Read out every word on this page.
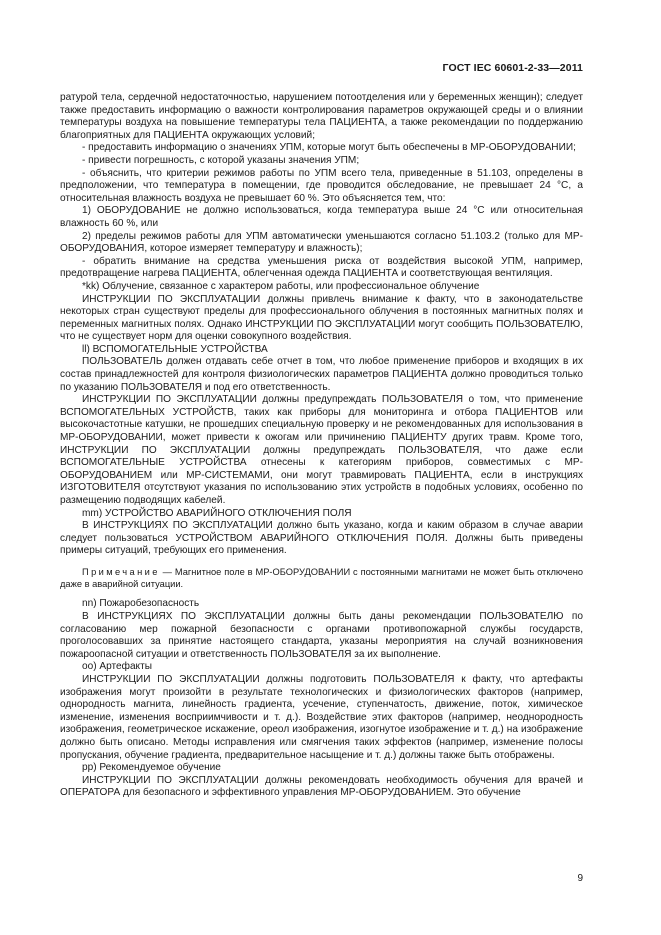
ГОСТ IEC 60601-2-33—2011

ратурой тела, сердечной недостаточностью, нарушением потоотделения или у беременных женщин); следует также предоставить информацию о важности контролирования параметров окружающей среды и о влиянии температуры воздуха на повышение температуры тела ПАЦИЕНТА, а также рекомендации по поддержанию благоприятных для ПАЦИЕНТА окружающих условий;

- предоставить информацию о значениях УПМ, которые могут быть обеспечены в МР-ОБОРУДОВАНИИ;

- привести погрешность, с которой указаны значения УПМ;

- объяснить, что критерии режимов работы по УПМ всего тела, приведенные в 51.103, определены в предположении, что температура в помещении, где проводится обследование, не превышает 24 °С, а относительная влажность воздуха не превышает 60 %. Это объясняется тем, что:

1) ОБОРУДОВАНИЕ не должно использоваться, когда температура выше 24 °С или относительная влажность 60 %, или

2) пределы режимов работы для УПМ автоматически уменьшаются согласно 51.103.2 (только для МР-ОБОРУДОВАНИЯ, которое измеряет температуру и влажность);

- обратить внимание на средства уменьшения риска от воздействия высокой УПМ, например, предотвращение нагрева ПАЦИЕНТА, облегченная одежда ПАЦИЕНТА и соответствующая вентиляция.

*kk) Облучение, связанное с характером работы, или профессиональное облучение

ИНСТРУКЦИИ ПО ЭКСПЛУАТАЦИИ должны привлечь внимание к факту, что в законодательстве некоторых стран существуют пределы для профессионального облучения в постоянных магнитных полях и переменных магнитных полях. Однако ИНСТРУКЦИИ ПО ЭКСПЛУАТАЦИИ могут сообщить ПОЛЬЗОВАТЕЛЮ, что не существует норм для оценки совокупного воздействия.

ll) ВСПОМОГАТЕЛЬНЫЕ УСТРОЙСТВА

ПОЛЬЗОВАТЕЛЬ должен отдавать себе отчет в том, что любое применение приборов и входящих в их состав принадлежностей для контроля физиологических параметров ПАЦИЕНТА должно проводиться только по указанию ПОЛЬЗОВАТЕЛЯ и под его ответственность.

ИНСТРУКЦИИ ПО ЭКСПЛУАТАЦИИ должны предупреждать ПОЛЬЗОВАТЕЛЯ о том, что применение ВСПОМОГАТЕЛЬНЫХ УСТРОЙСТВ, таких как приборы для мониторинга и отбора ПАЦИЕНТОВ или высокочастотные катушки, не прошедших специальную проверку и не рекомендованных для использования в МР-ОБОРУДОВАНИИ, может привести к ожогам или причинению ПАЦИЕНТУ других травм. Кроме того, ИНСТРУКЦИИ ПО ЭКСПЛУАТАЦИИ должны предупреждать ПОЛЬЗОВАТЕЛЯ, что даже если ВСПОМОГАТЕЛЬНЫЕ УСТРОЙСТВА отнесены к категориям приборов, совместимых с МР-ОБОРУДОВАНИЕМ или МР-СИСТЕМАМИ, они могут травмировать ПАЦИЕНТА, если в инструкциях ИЗГОТОВИТЕЛЯ отсутствуют указания по использованию этих устройств в подобных условиях, особенно по размещению подводящих кабелей.

mm) УСТРОЙСТВО АВАРИЙНОГО ОТКЛЮЧЕНИЯ ПОЛЯ

В ИНСТРУКЦИЯХ ПО ЭКСПЛУАТАЦИИ должно быть указано, когда и каким образом в случае аварии следует пользоваться УСТРОЙСТВОМ АВАРИЙНОГО ОТКЛЮЧЕНИЯ ПОЛЯ. Должны быть приведены примеры ситуаций, требующих его применения.

Примечание — Магнитное поле в МР-ОБОРУДОВАНИИ с постоянными магнитами не может быть отключено даже в аварийной ситуации.

nn) Пожаробезопасность

В ИНСТРУКЦИЯХ ПО ЭКСПЛУАТАЦИИ должны быть даны рекомендации ПОЛЬЗОВАТЕЛЮ по согласованию мер пожарной безопасности с органами противопожарной службы государств, проголосовавших за принятие настоящего стандарта, указаны мероприятия на случай возникновения пожароопасной ситуации и ответственность ПОЛЬЗОВАТЕЛЯ за их выполнение.

oo) Артефакты

ИНСТРУКЦИИ ПО ЭКСПЛУАТАЦИИ должны подготовить ПОЛЬЗОВАТЕЛЯ к факту, что артефакты изображения могут произойти в результате технологических и физиологических факторов (например, однородность магнита, линейность градиента, усечение, ступенчатость, движение, поток, химическое изменение, изменения восприимчивости и т. д.). Воздействие этих факторов (например, неоднородность изображения, геометрическое искажение, ореол изображения, изогнутое изображение и т. д.) на изображение должно быть описано. Методы исправления или смягчения таких эффектов (например, изменение полосы пропускания, обучение градиента, предварительное насыщение и т. д.) должны также быть отображены.

pp) Рекомендуемое обучение

ИНСТРУКЦИИ ПО ЭКСПЛУАТАЦИИ должны рекомендовать необходимость обучения для врачей и ОПЕРАТОРА для безопасного и эффективного управления МР-ОБОРУДОВАНИЕМ. Это обучение

9
